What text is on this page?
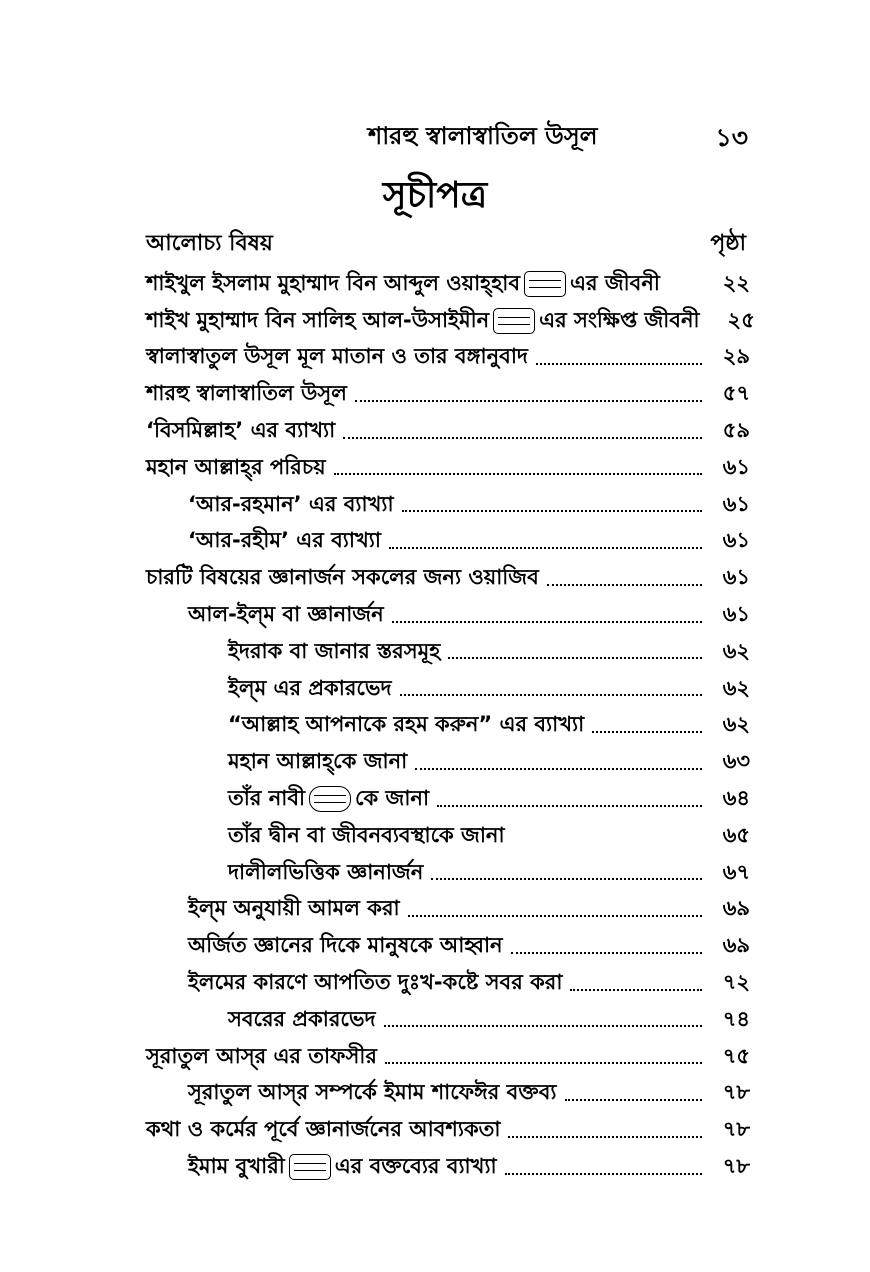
শারহু স্বালাস্বাতিল উসূল	১৩
সূচীপত্র
আলোচ্য বিষয়	পৃষ্ঠা
শাইখুল ইসলাম মুহাম্মাদ বিন আব্দুল ওয়াহ্হাব এর জীবনী	২২
শাইখ মুহাম্মাদ বিন সালিহ আল-উসাইমীন এর সংক্ষিপ্ত জীবনী ২৫
স্বালাস্বাতুল উসূল মূল মাতান ও তার বঙ্গানুবাদ	২৯
শারহু স্বালাস্বাতিল উসূল	৫৭
‘বিসমিল্লাহ’ এর ব্যাখ্যা	৫৯
মহান আল্লাহ্‌র পরিচয়	৬১
‘আর-রহমান’ এর ব্যাখ্যা	৬১
‘আর-রহীম’ এর ব্যাখ্যা	৬১
চারটি বিষয়ের জ্ঞানার্জন সকলের জন্য ওয়াজিব	৬১
আল-ইল্‌ম বা জ্ঞানার্জন	৬১
ইদরাক বা জানার স্তরসমূহ	৬২
ইল্‌ম এর প্রকারভেদ	৬২
“আল্লাহ আপনাকে রহম করুন” এর ব্যাখ্যা	৬২
মহান আল্লাহ্‌কে জানা	৬৩
তাঁর নাবী কে জানা	৬৪
তাঁর দ্বীন বা জীবনব্যবস্থাকে জানা	৬৫
দালীলভিত্তিক জ্ঞানার্জন	৬৭
ইল্‌ম অনুযায়ী আমল করা	৬৯
অর্জিত জ্ঞানের দিকে মানুষকে আহ্বান	৬৯
ইলমের কারণে আপতিত দুঃখ-কষ্টে সবর করা	৭২
সবরের প্রকারভেদ	৭৪
সূরাতুল আস্‌র এর তাফসীর	৭৫
সূরাতুল আস্‌র সম্পর্কে ইমাম শাফেঈর বক্তব্য	৭৮
কথা ও কর্মের পূর্বে জ্ঞানার্জনের আবশ্যকতা	৭৮
ইমাম বুখারী এর বক্তব্যের ব্যাখ্যা	৭৮
